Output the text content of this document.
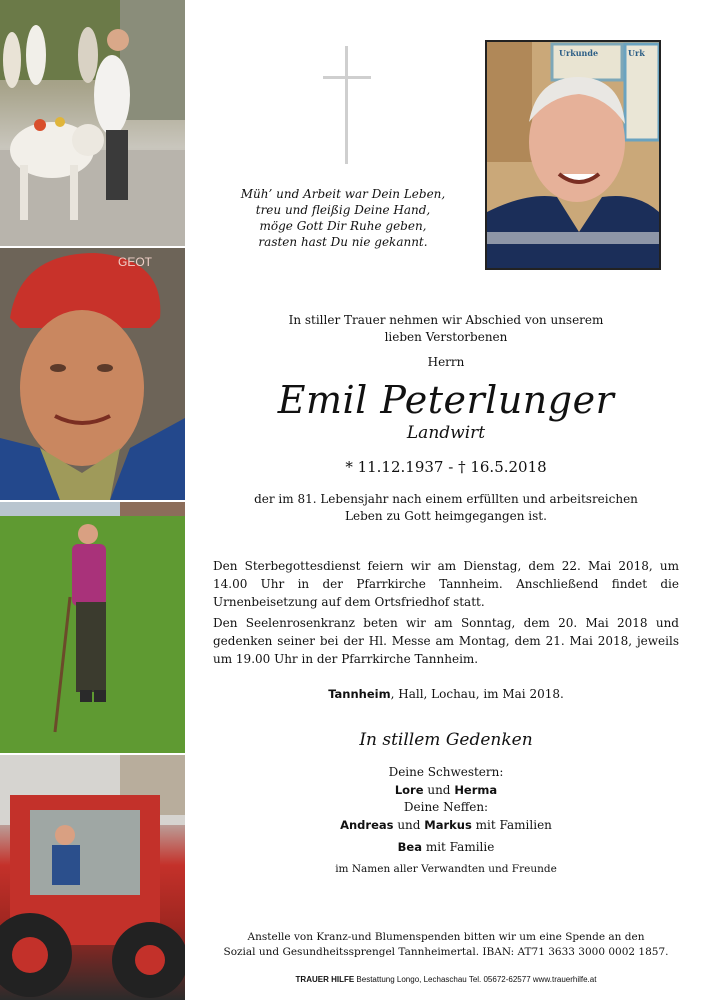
GEOT
Müh’ und Arbeit war Dein Leben,
treu und fleißig Deine Hand,
möge Gott Dir Ruhe geben,
rasten hast Du nie gekannt.
Urkunde	Urk
In stiller Trauer nehmen wir Abschied von unserem
lieben Verstorbenen
Herrn
Emil Peterlunger
Landwirt
* 11.12.1937 - † 16.5.2018
der im 81. Lebensjahr nach einem erfüllten und arbeitsreichen
Leben zu Gott heimgegangen ist.
Den Sterbegottesdienst feiern wir am Dienstag, dem 22. Mai 2018, um 14.00 Uhr in der Pfarrkirche Tannheim. Anschließend findet die Urnenbeisetzung auf dem Ortsfriedhof statt.
Den Seelenrosenkranz beten wir am Sonntag, dem 20. Mai 2018 und gedenken seiner bei der Hl. Messe am Montag, dem 21. Mai 2018, jeweils um 19.00 Uhr in der Pfarrkirche Tannheim.
Tannheim, Hall, Lochau, im Mai 2018.
In stillem Gedenken
Deine Schwestern:
Lore und Herma
Deine Neffen:
Andreas und Markus mit Familien
Bea mit Familie
im Namen aller Verwandten und Freunde
Anstelle von Kranz-und Blumenspenden bitten wir um eine Spende an den
Sozial und Gesundheitssprengel Tannheimertal. IBAN: AT71 3633 3000 0002 1857.
TRAUER HILFE Bestattung Longo, Lechaschau Tel. 05672-62577 www.trauerhilfe.at
